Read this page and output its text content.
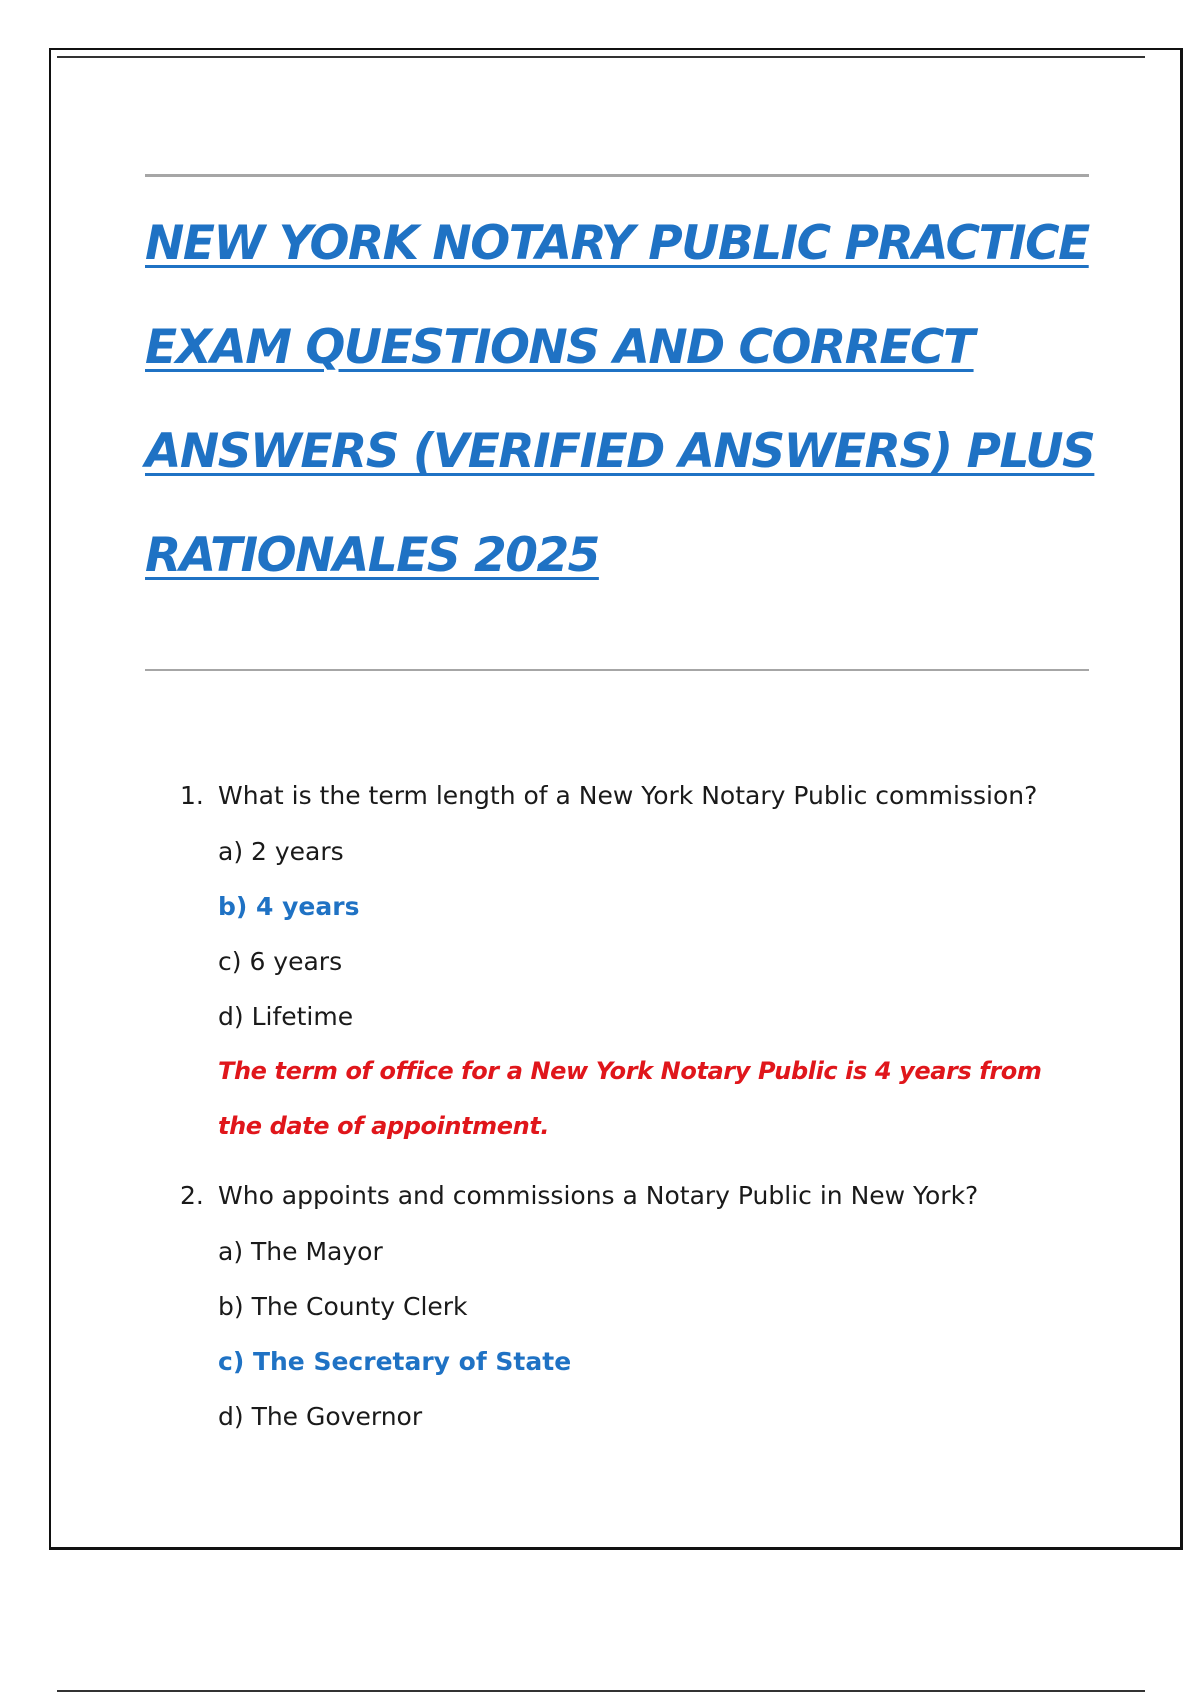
NEW YORK NOTARY PUBLIC PRACTICE
EXAM QUESTIONS AND CORRECT
ANSWERS (VERIFIED ANSWERS) PLUS
RATIONALES 2025
1. What is the term length of a New York Notary Public commission?
a) 2 years
b) 4 years
c) 6 years
d) Lifetime
The term of office for a New York Notary Public is 4 years from the date of appointment.
2. Who appoints and commissions a Notary Public in New York?
a) The Mayor
b) The County Clerk
c) The Secretary of State
d) The Governor
